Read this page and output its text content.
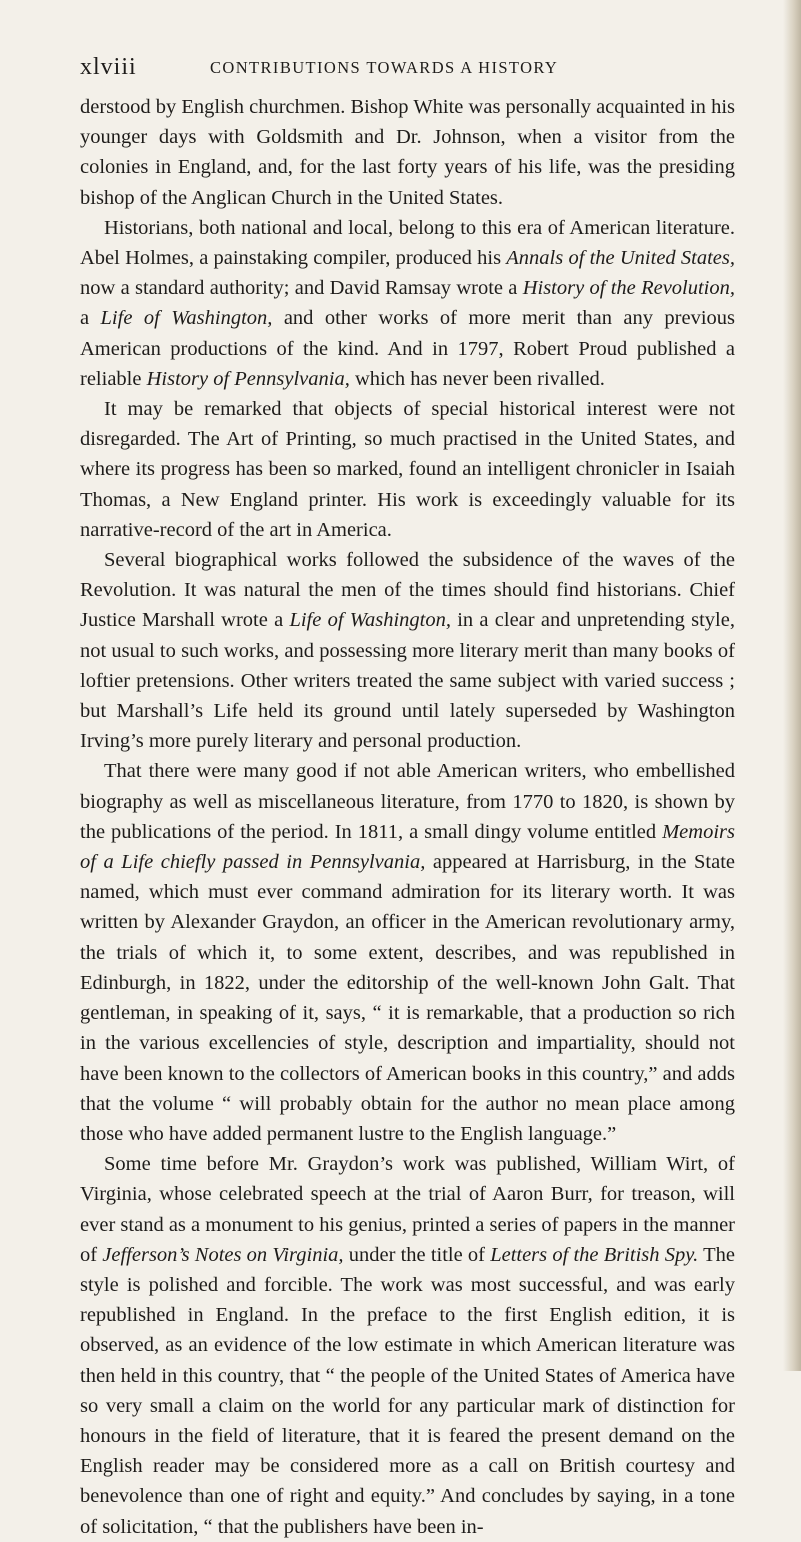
xlviii	CONTRIBUTIONS TOWARDS A HISTORY

derstood by English churchmen. Bishop White was personally acquainted in his younger days with Goldsmith and Dr. Johnson, when a visitor from the colonies in England, and, for the last forty years of his life, was the presiding bishop of the Anglican Church in the United States.

Historians, both national and local, belong to this era of American literature. Abel Holmes, a painstaking compiler, produced his Annals of the United States, now a standard authority; and David Ramsay wrote a History of the Revolution, a Life of Washington, and other works of more merit than any previous American productions of the kind. And in 1797, Robert Proud published a reliable History of Pennsylvania, which has never been rivalled.

It may be remarked that objects of special historical interest were not disregarded. The Art of Printing, so much practised in the United States, and where its progress has been so marked, found an intelligent chronicler in Isaiah Thomas, a New England printer. His work is exceedingly valuable for its narrative-record of the art in America.

Several biographical works followed the subsidence of the waves of the Revolution. It was natural the men of the times should find historians. Chief Justice Marshall wrote a Life of Washington, in a clear and unpretending style, not usual to such works, and possessing more literary merit than many books of loftier pretensions. Other writers treated the same subject with varied success ; but Marshall’s Life held its ground until lately superseded by Washington Irving’s more purely literary and personal production.

That there were many good if not able American writers, who embellished biography as well as miscellaneous literature, from 1770 to 1820, is shown by the publications of the period. In 1811, a small dingy volume entitled Memoirs of a Life chiefly passed in Pennsylvania, appeared at Harrisburg, in the State named, which must ever command admiration for its literary worth. It was written by Alexander Graydon, an officer in the American revolutionary army, the trials of which it, to some extent, describes, and was republished in Edinburgh, in 1822, under the editorship of the well-known John Galt. That gentleman, in speaking of it, says, “ it is remarkable, that a production so rich in the various excellencies of style, description and impartiality, should not have been known to the collectors of American books in this country,” and adds that the volume “ will probably obtain for the author no mean place among those who have added permanent lustre to the English language.”

Some time before Mr. Graydon’s work was published, William Wirt, of Virginia, whose celebrated speech at the trial of Aaron Burr, for treason, will ever stand as a monument to his genius, printed a series of papers in the manner of Jefferson’s Notes on Virginia, under the title of Letters of the British Spy. The style is polished and forcible. The work was most successful, and was early republished in England. In the preface to the first English edition, it is observed, as an evidence of the low estimate in which American literature was then held in this country, that “ the people of the United States of America have so very small a claim on the world for any particular mark of distinction for honours in the field of literature, that it is feared the present demand on the English reader may be considered more as a call on British courtesy and benevolence than one of right and equity.” And concludes by saying, in a tone of solicitation, “ that the publishers have been in-
